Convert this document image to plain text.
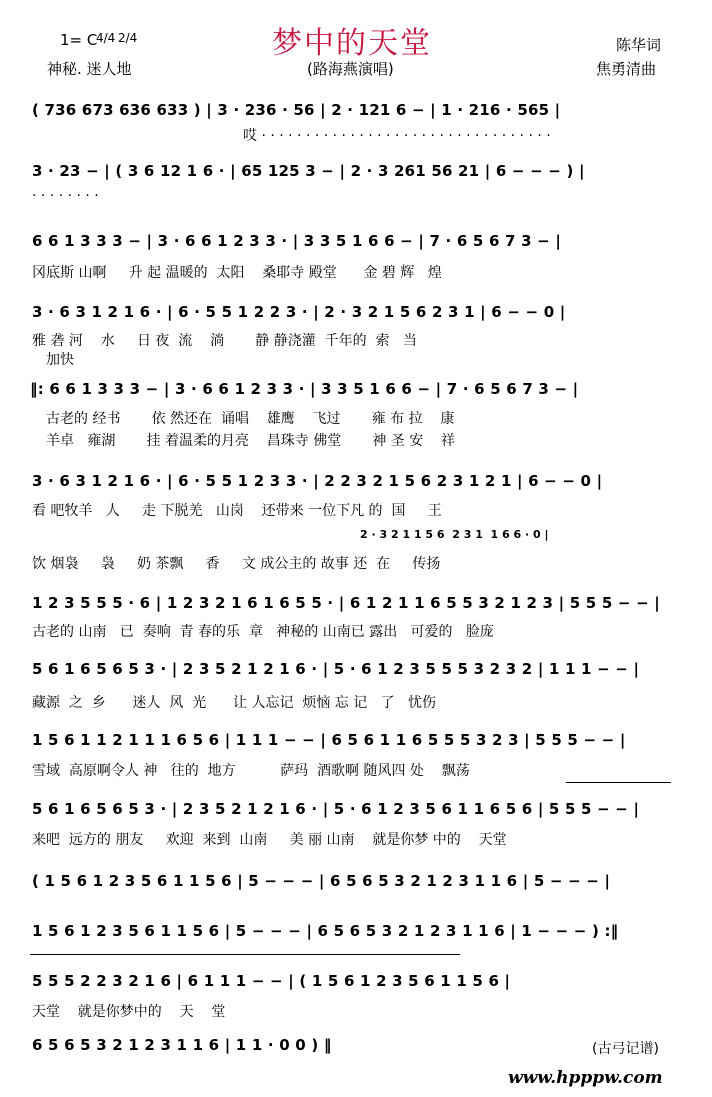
1= C
4/4 2/4	梦中的天堂	陈华词
神秘. 迷人地	(路海燕演唱)	焦勇清曲
( 736 673 636 633 ) | 3 · 236 · 56 | 2 · 121 6 − | 1 · 216 · 565 |
哎 · · · · · · · · · · · · · · · · · · · · · · · · · · · · · · · · ·
3 · 23 − | ( 3 6 12 1 6 · | 65 125 3 − | 2 · 3 261 56 21 | 6 − − − ) |
· · · · · · · ·
6 6 1 3 3 3 − | 3 · 6 6 1 2 3 3 · | 3 3 5 1 6 6 − | 7 · 6 5 6 7 3 − |
冈底斯 山啊     升 起 温暖的  太阳    桑耶寺 殿堂      金 碧 辉   煌
3 · 6 3 1 2 1 6 · | 6 · 5 5 1 2 2 3 · | 2 · 3 2 1 5 6 2 3 1 | 6 − − 0 |
雅 砻 河    水     日 夜  流    淌       静 静浇灌  千年的  索   当
加快
‖: 6 6 1 3 3 3 − | 3 · 6 6 1 2 3 3 · | 3 3 5 1 6 6 − | 7 · 6 5 6 7 3 − |
古老的 经书       依 然还在  诵唱    雄鹰    飞过       雍 布 拉    康
羊卓   雍湖       挂 着温柔的月亮    昌珠寺 佛堂       神 圣 安    祥
3 · 6 3 1 2 1 6 · | 6 · 5 5 1 2 3 3 · | 2 2 3 2 1 5 6 2 3 1 2 1 | 6 − − 0 |
看 吧牧羊   人     走 下脱羌   山岗    还带来 一位下凡 的  国     王
2 · 3 2 1 1 5 6  2 3 1  1 6 6 · 0 |
饮 烟袅     袅     奶 茶飘     香     文 成公主的 故事 还  在     传扬
1 2 3 5 5 5 · 6 | 1 2 3 2 1 6 1 6 5 5 · | 6 1 2 1 1 6 5 5 3 2 1 2 3 | 5 5 5 − − |
古老的 山南   已  奏响  青 春的乐  章   神秘的 山南已 露出   可爱的   脸庞
5 6 1 6 5 6 5 3 · | 2 3 5 2 1 2 1 6 · | 5 · 6 1 2 3 5 5 5 3 2 3 2 | 1 1 1 − − |
藏源  之  乡      迷人  风  光      让 人忘记  烦恼 忘 记   了   忧伤
1 5 6 1 1 2 1 1 1 6 5 6 | 1 1 1 − − | 6 5 6 1 1 6 5 5 5 3 2 3 | 5 5 5 − − |
雪域  高原啊令人 神   往的  地方          萨玛  酒歌啊 随风四 处    飘荡
5 6 1 6 5 6 5 3 · | 2 3 5 2 1 2 1 6 · | 5 · 6 1 2 3 5 6 1 1 6 5 6 | 5 5 5 − − |
来吧  远方的 朋友     欢迎  来到  山南     美 丽 山南    就是你梦 中的    天堂
( 1 5 6 1 2 3 5 6 1 1 5 6 | 5 − − − | 6 5 6 5 3 2 1 2 3 1 1 6 | 5 − − − |
1 5 6 1 2 3 5 6 1 1 5 6 | 5 − − − | 6 5 6 5 3 2 1 2 3 1 1 6 | 1 − − − ) :‖
5 5 5 2 2 3 2 1 6 | 6 1 1 1 − − | ( 1 5 6 1 2 3 5 6 1 1 5 6 |
天堂    就是你梦中的    天    堂
6 5 6 5 3 2 1 2 3 1 1 6 | 1 1 · 0 0 ) ‖	(古弓记谱)
www.hpppw.com
